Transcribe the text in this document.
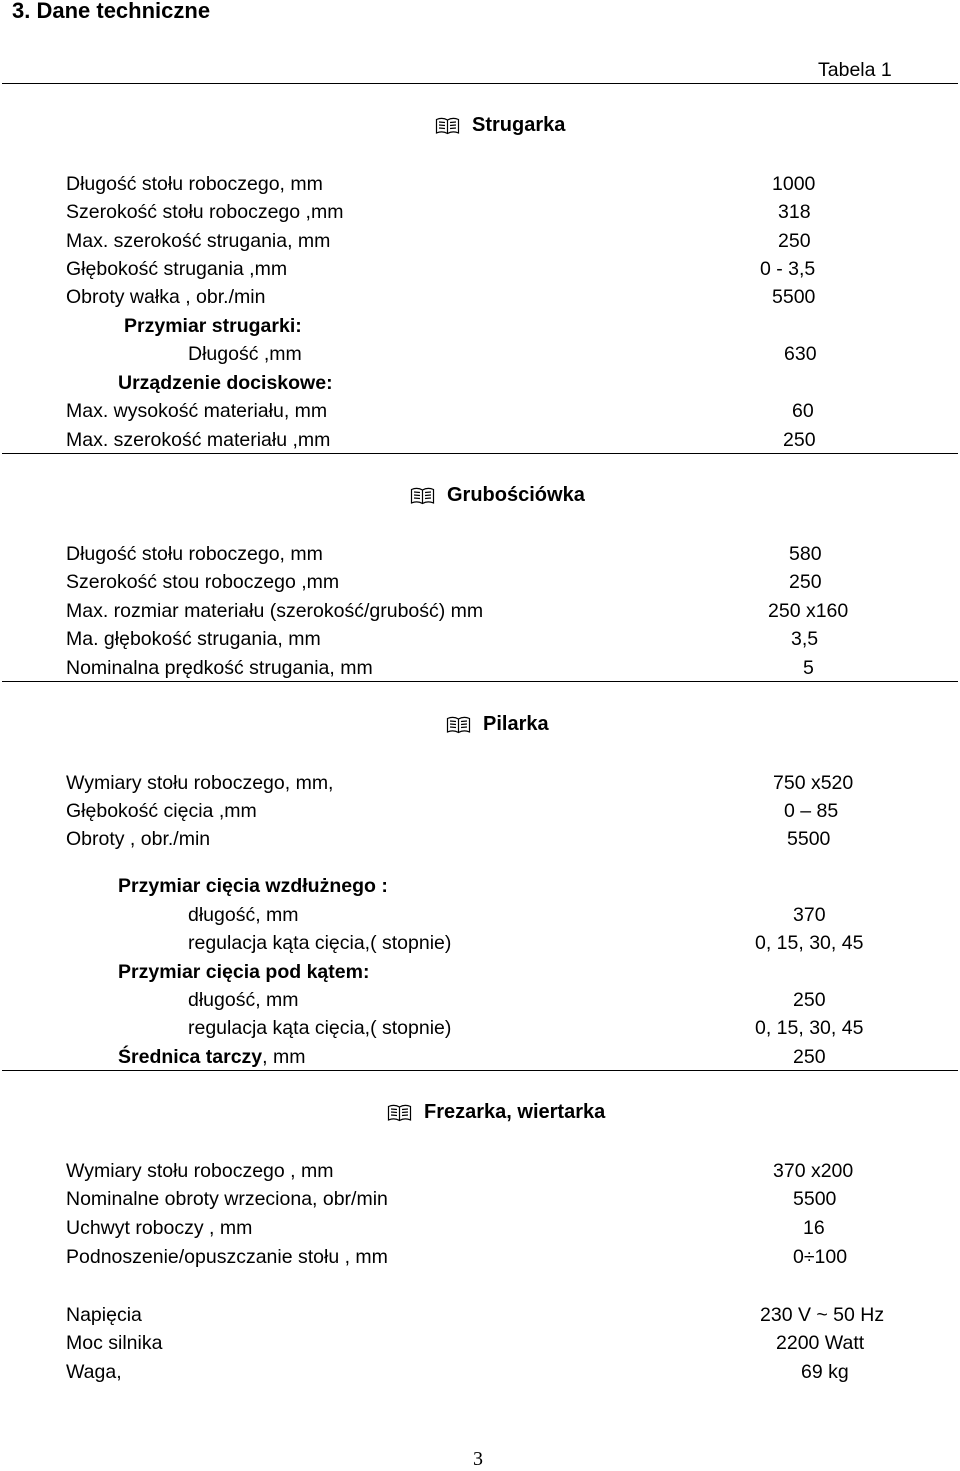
3. Dane techniczne
Tabela 1
Strugarka
Długość stołu roboczego, mm	1000
Szerokość stołu roboczego ,mm	318
Max. szerokość strugania, mm	250
Głębokość strugania ,mm	0 - 3,5
Obroty wałka , obr./min	5500
Przymiar strugarki:
Długość ,mm	630
Urządzenie dociskowe:
Max. wysokość materiału, mm	60
Max. szerokość materiału ,mm	250
Grubościówka
Długość stołu roboczego, mm	580
Szerokość stou roboczego ,mm	250
Max. rozmiar materiału (szerokość/grubość) mm	250 x160
Ma. głębokość strugania, mm	3,5
Nominalna prędkość strugania, mm	5
Pilarka
Wymiary stołu roboczego, mm,	750 x520
Głębokość cięcia ,mm	0 – 85
Obroty , obr./min	5500
Przymiar cięcia wzdłużnego :
długość, mm	370
regulacja kąta cięcia,( stopnie)	0, 15, 30, 45
Przymiar cięcia pod kątem:
długość, mm	250
regulacja kąta cięcia,( stopnie)	0, 15, 30, 45
Średnica tarczy, mm	250
Frezarka, wiertarka
Wymiary stołu roboczego , mm	370 x200
Nominalne obroty wrzeciona, obr/min	5500
Uchwyt roboczy , mm	16
Podnoszenie/opuszczanie stołu , mm	0÷100
Napięcia	230 V ~ 50 Hz
Moc silnika	2200 Watt
Waga,	69 kg
3
